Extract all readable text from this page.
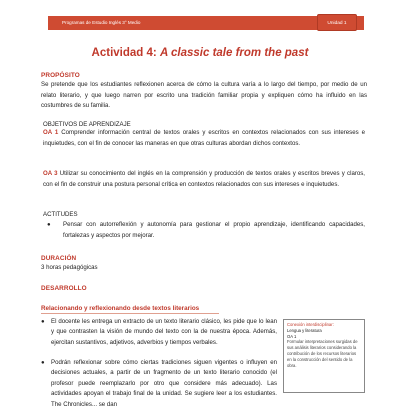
Programas de Estudio Inglés 3° Medio	Unidad 1
Actividad 4: A classic tale from the past
PROPÓSITO
Se pretende que los estudiantes reflexionen acerca de cómo la cultura varía a lo largo del tiempo, por medio de un relato literario, y que luego narren por escrito una tradición familiar propia y expliquen cómo ha influido en las costumbres de su familia.
OBJETIVOS DE APRENDIZAJE
OA 1 Comprender información central de textos orales y escritos en contextos relacionados con sus intereses e inquietudes, con el fin de conocer las maneras en que otras culturas abordan dichos contextos.
OA 3 Utilizar su conocimiento del inglés en la comprensión y producción de textos orales y escritos breves y claros, con el fin de construir una postura personal crítica en contextos relacionados con sus intereses e inquietudes.
ACTITUDES
●	Pensar con autorreflexión y autonomía para gestionar el propio aprendizaje, identificando capacidades, fortalezas y aspectos por mejorar.
DURACIÓN
3 horas pedagógicas
DESARROLLO
Relacionando y reflexionando desde textos literarios
●	El docente les entrega un extracto de un texto literario clásico, les pide que lo lean y que contrasten la visión de mundo del texto con la de nuestra época. Además, ejercitan sustantivos, adjetivos, adverbios y tiempos verbales.
●	Podrán reflexionar sobre cómo ciertas tradiciones siguen vigentes o influyen en decisiones actuales, a partir de un fragmento de un texto literario conocido (el profesor puede reemplazarlo por otro que considere más adecuado). Las actividades apoyan el trabajo final de la unidad. Se sugiere leer a los estudiantes. The Chronicles... se dan
Conexión interdisciplinar:
Lengua y literatura
OA 1
Formular interpretaciones surgidas de sus análisis literarios considerando la contribución de los recursos literarios en la construcción del sentido de la obra.
